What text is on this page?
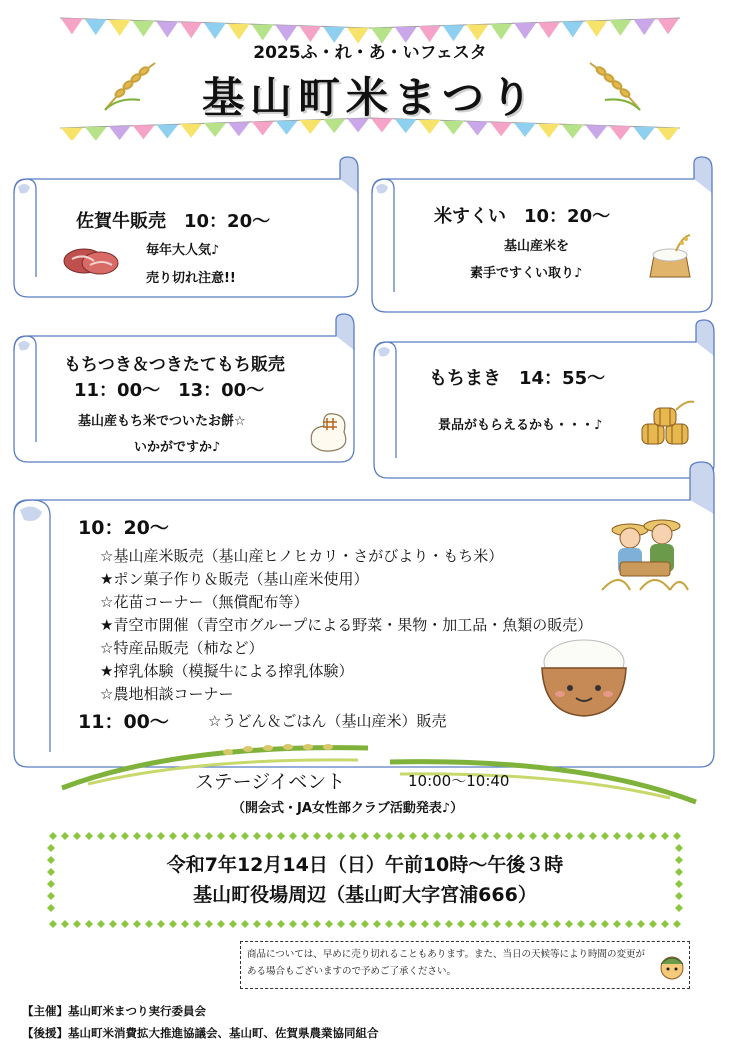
2025ふ・れ・あ・いフェスタ
基山町米まつり
佐賀牛販売　10：20～
毎年大人気♪
売り切れ注意!!
米すくい　10：20～
基山産米を
素手ですくい取り♪
もちつき＆つきたてもち販売
11：00～　13：00～
基山産もち米でついたお餅☆
いかがですか♪
もちまき　14：55～
景品がもらえるかも・・・♪
10：20～
☆基山産米販売（基山産ヒノヒカリ・さがびより・もち米）
★ポン菓子作り＆販売（基山産米使用）
☆花苗コーナー（無償配布等）
★青空市開催（青空市グループによる野菜・果物・加工品・魚類の販売）
☆特産品販売（柿など）
★搾乳体験（模擬牛による搾乳体験）
☆農地相談コーナー
11：00～	☆うどん＆ごはん（基山産米）販売
ステージイベント	10:00～10:40
（開会式・JA女性部クラブ活動発表♪）
令和7年12月14日（日）午前10時～午後３時
基山町役場周辺（基山町大字宮浦666）
商品については、早めに売り切れることもあります。また、当日の天候等により時間の変更がある場合もございますので予めご了承ください。
【主催】基山町米まつり実行委員会
【後援】基山町米消費拡大推進協議会、基山町、佐賀県農業協同組合
